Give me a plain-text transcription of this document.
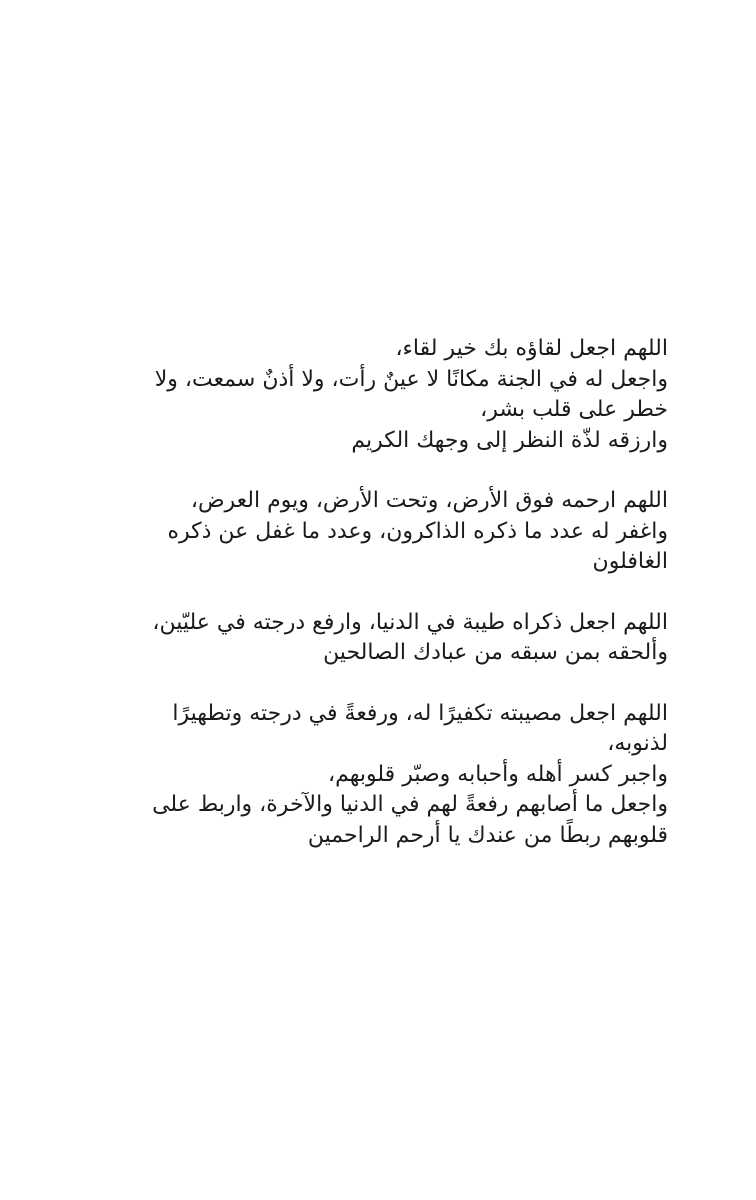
اللهم اجعل لقاؤه بك خير لقاء،
واجعل له في الجنة مكانًا لا عينٌ رأت، ولا أذنٌ سمعت، ولا
خطر على قلب بشر،
وارزقه لذّة النظر إلى وجهك الكريم

اللهم ارحمه فوق الأرض، وتحت الأرض، ويوم العرض،
واغفر له عدد ما ذكره الذاكرون، وعدد ما غفل عن ذكره
الغافلون

اللهم اجعل ذكراه طيبة في الدنيا، وارفع درجته في عليّين،
وألحقه بمن سبقه من عبادك الصالحين

اللهم اجعل مصيبته تكفيرًا له، ورفعةً في درجته وتطهيرًا
لذنوبه،
واجبر كسر أهله وأحبابه وصبّر قلوبهم،
واجعل ما أصابهم رفعةً لهم في الدنيا والآخرة، واربط على
قلوبهم ربطًا من عندك يا أرحم الراحمين
